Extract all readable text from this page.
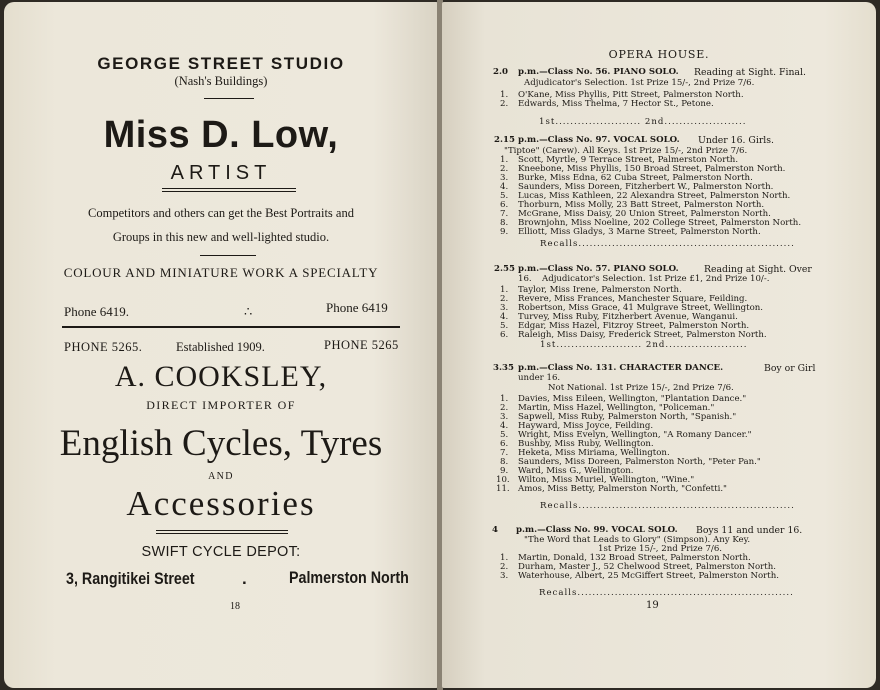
GEORGE STREET STUDIO
(Nash's Buildings)
Miss D. Low,
ARTIST
Competitors and others can get the Best Portraits and
Groups in this new and well-lighted studio.
COLOUR AND MINIATURE WORK A SPECIALTY
Phone 6419.	∴	Phone 6419
PHONE 5265.	Established 1909.	PHONE 5265
A. COOKSLEY,
DIRECT IMPORTER OF
English Cycles, Tyres
AND
Accessories
SWIFT CYCLE DEPOT:
3, Rangitikei Street	. Palmerston North
18
OPERA HOUSE.
2.0 p.m.—Class No. 56. PIANO SOLO. Reading at Sight. Final.
Adjudicator's Selection. 1st Prize 15/-, 2nd Prize 7/6.
1. O'Kane, Miss Phyllis, Pitt Street, Palmerston North.
2. Edwards, Miss Thelma, 7 Hector St., Petone.
1st....................... 2nd......................
2.15 p.m.—Class No. 97. VOCAL SOLO. Under 16. Girls.
"Tiptoe" (Carew). All Keys. 1st Prize 15/-, 2nd Prize 7/6.
1. Scott, Myrtle, 9 Terrace Street, Palmerston North.
2. Kneebone, Miss Phyllis, 150 Broad Street, Palmerston North.
3. Burke, Miss Edna, 62 Cuba Street, Palmerston North.
4. Saunders, Miss Doreen, Fitzherbert W., Palmerston North.
5. Lucas, Miss Kathleen, 22 Alexandra Street, Palmerston North.
6. Thorburn, Miss Molly, 23 Batt Street, Palmerston North.
7. McGrane, Miss Daisy, 20 Union Street, Palmerston North.
8. Brownjohn, Miss Noeline, 202 College Street, Palmerston North.
9. Elliott, Miss Gladys, 3 Marne Street, Palmerston North.
Recalls..........................................................
2.55 p.m.—Class No. 57. PIANO SOLO.	Reading at Sight. Over
16. Adjudicator's Selection. 1st Prize £1, 2nd Prize 10/-.
1. Taylor, Miss Irene, Palmerston North.
2. Revere, Miss Frances, Manchester Square, Feilding.
3. Robertson, Miss Grace, 41 Mulgrave Street, Wellington.
4. Turvey, Miss Ruby, Fitzherbert Avenue, Wanganui.
5. Edgar, Miss Hazel, Fitzroy Street, Palmerston North.
6. Raleigh, Miss Daisy, Frederick Street, Palmerston North.
1st....................... 2nd......................
3.35 p.m.—Class No. 131. CHARACTER DANCE.	Boy or Girl
under 16.
Not National. 1st Prize 15/-, 2nd Prize 7/6.
1. Davies, Miss Eileen, Wellington, "Plantation Dance."
2. Martin, Miss Hazel, Wellington, "Policeman."
3. Sapwell, Miss Ruby, Palmerston North, "Spanish."
4. Hayward, Miss Joyce, Feilding.
5. Wright, Miss Evelyn, Wellington, "A Romany Dancer."
6. Bushby, Miss Ruby, Wellington.
7. Heketa, Miss Miriama, Wellington.
8. Saunders, Miss Doreen, Palmerston North, "Peter Pan."
9. Ward, Miss G., Wellington.
10. Wilton, Miss Muriel, Wellington, "Wine."
11. Amos, Miss Betty, Palmerston North, "Confetti."
Recalls..........................................................
4 p.m.—Class No. 99. VOCAL SOLO. Boys 11 and under 16.
"The Word that Leads to Glory" (Simpson). Any Key.
1st Prize 15/-, 2nd Prize 7/6.
1. Martin, Donald, 132 Broad Street, Palmerston North.
2. Durham, Master J., 52 Chelwood Street, Palmerston North.
3. Waterhouse, Albert, 25 McGiffert Street, Palmerston North.
Recalls..........................................................
19
